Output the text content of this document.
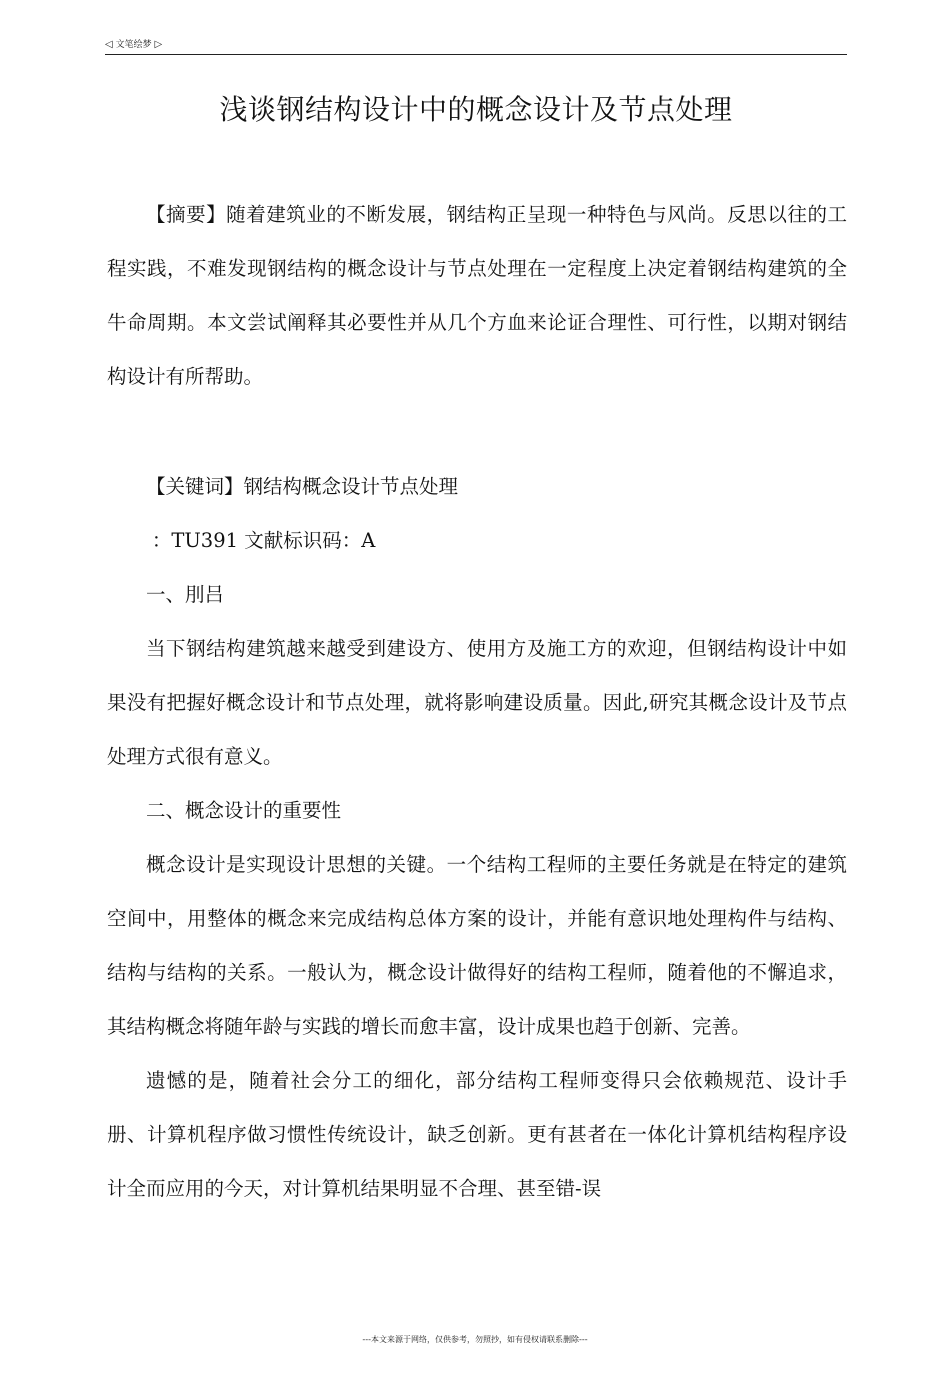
◁ 文笔绘梦 ▷
浅谈钢结构设计中的概念设计及节点处理

【摘要】随着建筑业的不断发展，钢结构正呈现一种特色与风尚。反思以往的工程实践，不难发现钢结构的概念设计与节点处理在一定程度上决定着钢结构建筑的全牛命周期。本文尝试阐释其必要性并从几个方血来论证合理性、可行性，以期对钢结构设计有所帮助。

【关键词】钢结构概念设计节点处理

：TU391 文献标识码：A

一、刖吕

当下钢结构建筑越来越受到建设方、使用方及施工方的欢迎，但钢结构设计中如果没有把握好概念设计和节点处理，就将影响建设质量。因此,研究其概念设计及节点处理方式很有意义。

二、概念设计的重要性

概念设计是实现设计思想的关键。一个结构工程师的主要任务就是在特定的建筑空间中，用整体的概念来完成结构总体方案的设计，并能有意识地处理构件与结构、结构与结构的关系。一般认为，概念设计做得好的结构工程师，随着他的不懈追求，其结构概念将随年龄与实践的增长而愈丰富，设计成果也趋于创新、完善。

遗憾的是，随着社会分工的细化，部分结构工程师变得只会依赖规范、设计手册、计算机程序做习惯性传统设计，缺乏创新。更有甚者在一体化计算机结构程序设计全而应用的今天，对计算机结果明显不合理、甚至错-误

---本文来源于网络，仅供参考，勿照抄，如有侵权请联系删除---
